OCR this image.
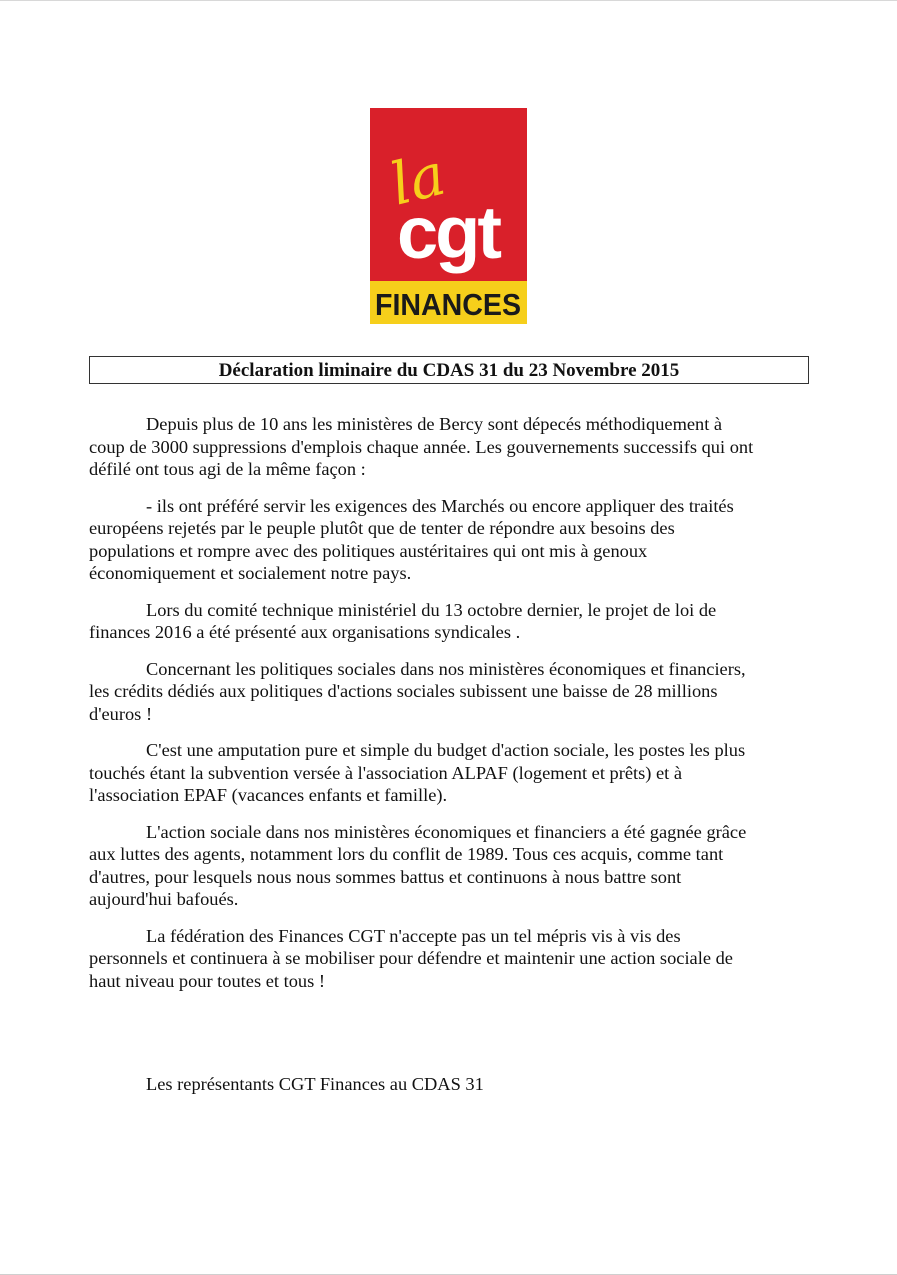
la
cgt
FINANCES
Déclaration liminaire du CDAS 31 du 23 Novembre 2015

Depuis plus de 10 ans les ministères de Bercy sont dépecés méthodiquement à
coup de 3000 suppressions d'emplois chaque année. Les gouvernements successifs qui ont
défilé ont tous agi de la même façon :

- ils ont préféré servir les exigences des Marchés ou encore appliquer des traités
européens rejetés par le peuple plutôt que de tenter de répondre aux besoins des
populations et rompre avec des politiques austéritaires qui ont mis à genoux
économiquement et socialement notre pays.

Lors du comité technique ministériel du 13 octobre dernier, le projet de loi de
finances 2016 a été présenté aux organisations syndicales .

Concernant les politiques sociales dans nos ministères économiques et financiers,
les crédits dédiés aux politiques d'actions sociales subissent une baisse de 28 millions
d'euros !

C'est une amputation pure et simple du budget d'action sociale, les postes les plus
touchés étant la subvention versée à l'association ALPAF (logement et prêts) et à
l'association EPAF (vacances enfants et famille).

L'action sociale dans nos ministères économiques et financiers a été gagnée grâce
aux luttes des agents, notamment lors du conflit de 1989. Tous ces acquis, comme tant
d'autres, pour lesquels nous nous sommes battus et continuons à nous battre sont
aujourd'hui bafoués.

La fédération des Finances CGT n'accepte pas un tel mépris vis à vis des
personnels et continuera à se mobiliser pour défendre et maintenir une action sociale de
haut niveau pour toutes et tous !

Les représentants CGT Finances au CDAS 31
